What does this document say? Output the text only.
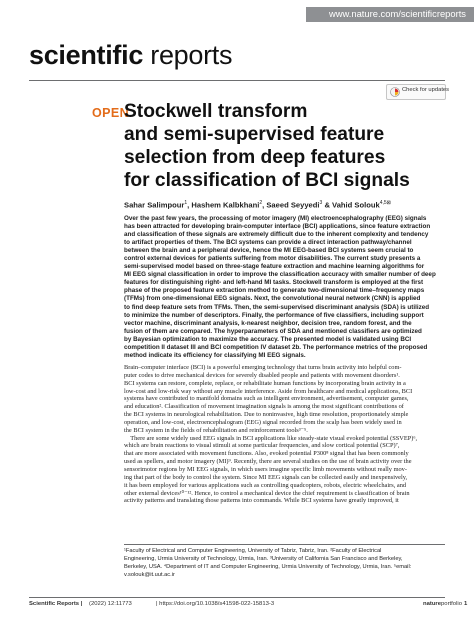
www.nature.com/scientificreports
scientific reports
Check for updates
OPEN
Stockwell transform
and semi-supervised feature
selection from deep features
for classification of BCI signals
Sahar Salimpour$^1$, Hashem Kalbkhani$^2$, Saeed Seyyedi$^3$ & Vahid Solouk$^{4,5⊠}$
Over the past few years, the processing of motor imagery (MI) electroencephalography (EEG) signals
has been attracted for developing brain-computer interface (BCI) applications, since feature extraction
and classification of these signals are extremely difficult due to the inherent complexity and tendency
to artifact properties of them. The BCI systems can provide a direct interaction pathway/channel
between the brain and a peripheral device, hence the MI EEG-based BCI systems seem crucial to
control external devices for patients suffering from motor disabilities. The current study presents a
semi-supervised model based on three-stage feature extraction and machine learning algorithms for
MI EEG signal classification in order to improve the classification accuracy with smaller number of deep
features for distinguishing right- and left-hand MI tasks. Stockwell transform is employed at the first
phase of the proposed feature extraction method to generate two-dimensional time–frequency maps
(TFMs) from one-dimensional EEG signals. Next, the convolutional neural network (CNN) is applied
to find deep feature sets from TFMs. Then, the semi-supervised discriminant analysis (SDA) is utilized
to minimize the number of descriptors. Finally, the performance of five classifiers, including support
vector machine, discriminant analysis, k-nearest neighbor, decision tree, random forest, and the
fusion of them are compared. The hyperparameters of SDA and mentioned classifiers are optimized
by Bayesian optimization to maximize the accuracy. The presented model is validated using BCI
competition II dataset III and BCI competition IV dataset 2b. The performance metrics of the proposed
method indicate its efficiency for classifying MI EEG signals.
Brain–computer interface (BCI) is a powerful emerging technology that turns brain activity into helpful com-
puter codes to drive mechanical devices for severely disabled people and patients with movement disorders¹.
BCI systems can restore, complete, replace, or rehabilitate human functions by incorporating brain activity in a
low-cost and low-risk way without any muscle interference. Aside from healthcare and medical applications, BCI
systems have contributed to manifold domains such as intelligent environment, advertisement, computer games,
and education². Classification of movement imagination signals is among the most significant contributions of
the BCI systems in neurological rehabilitation. Due to noninvasive, high time resolution, proportionately simple
operation, and low-cost, electroencephalogram (EEG) signal recorded from the scalp has been widely used in
the BCI system in the fields of rehabilitation and reinforcement tools³⁻⁵.
There are some widely used EEG signals in BCI applications like steady-state visual evoked potential (SSVEP)⁶,
which are brain reactions to visual stimuli at some particular frequencies, and slow cortical potential (SCP)⁷,
that are more associated with movement functions. Also, evoked potential P300⁸ signal that has been commonly
used as spellers, and motor imagery (MI)⁹. Recently, there are several studies on the use of brain activity over the
sensorimotor regions by MI EEG signals, in which users imagine specific limb movements without really mov-
ing that part of the body to control the system. Since MI EEG signals can be collected easily and inexpensively,
it has been employed for various applications such as controlling quadcopters, robots, electric wheelchairs, and
other external devices¹⁰⁻¹². Hence, to control a mechanical device the chief requirement is classification of brain
activity patterns and translating those patterns into commands. While BCI systems have greatly improved, it
¹Faculty of Electrical and Computer Engineering, University of Tabriz, Tabriz, Iran. ²Faculty of Electrical
Engineering, Urmia University of Technology, Urmia, Iran. ³University of California San Francisco and Berkeley,
Berkeley, USA. ⁴Department of IT and Computer Engineering, Urmia University of Technology, Urmia, Iran. ⁵email:
v.solouk@it.uut.ac.ir
Scientific Reports | (2022) 12:11773	| https://doi.org/10.1038/s41598-022-15813-3	natureportfolio 1
